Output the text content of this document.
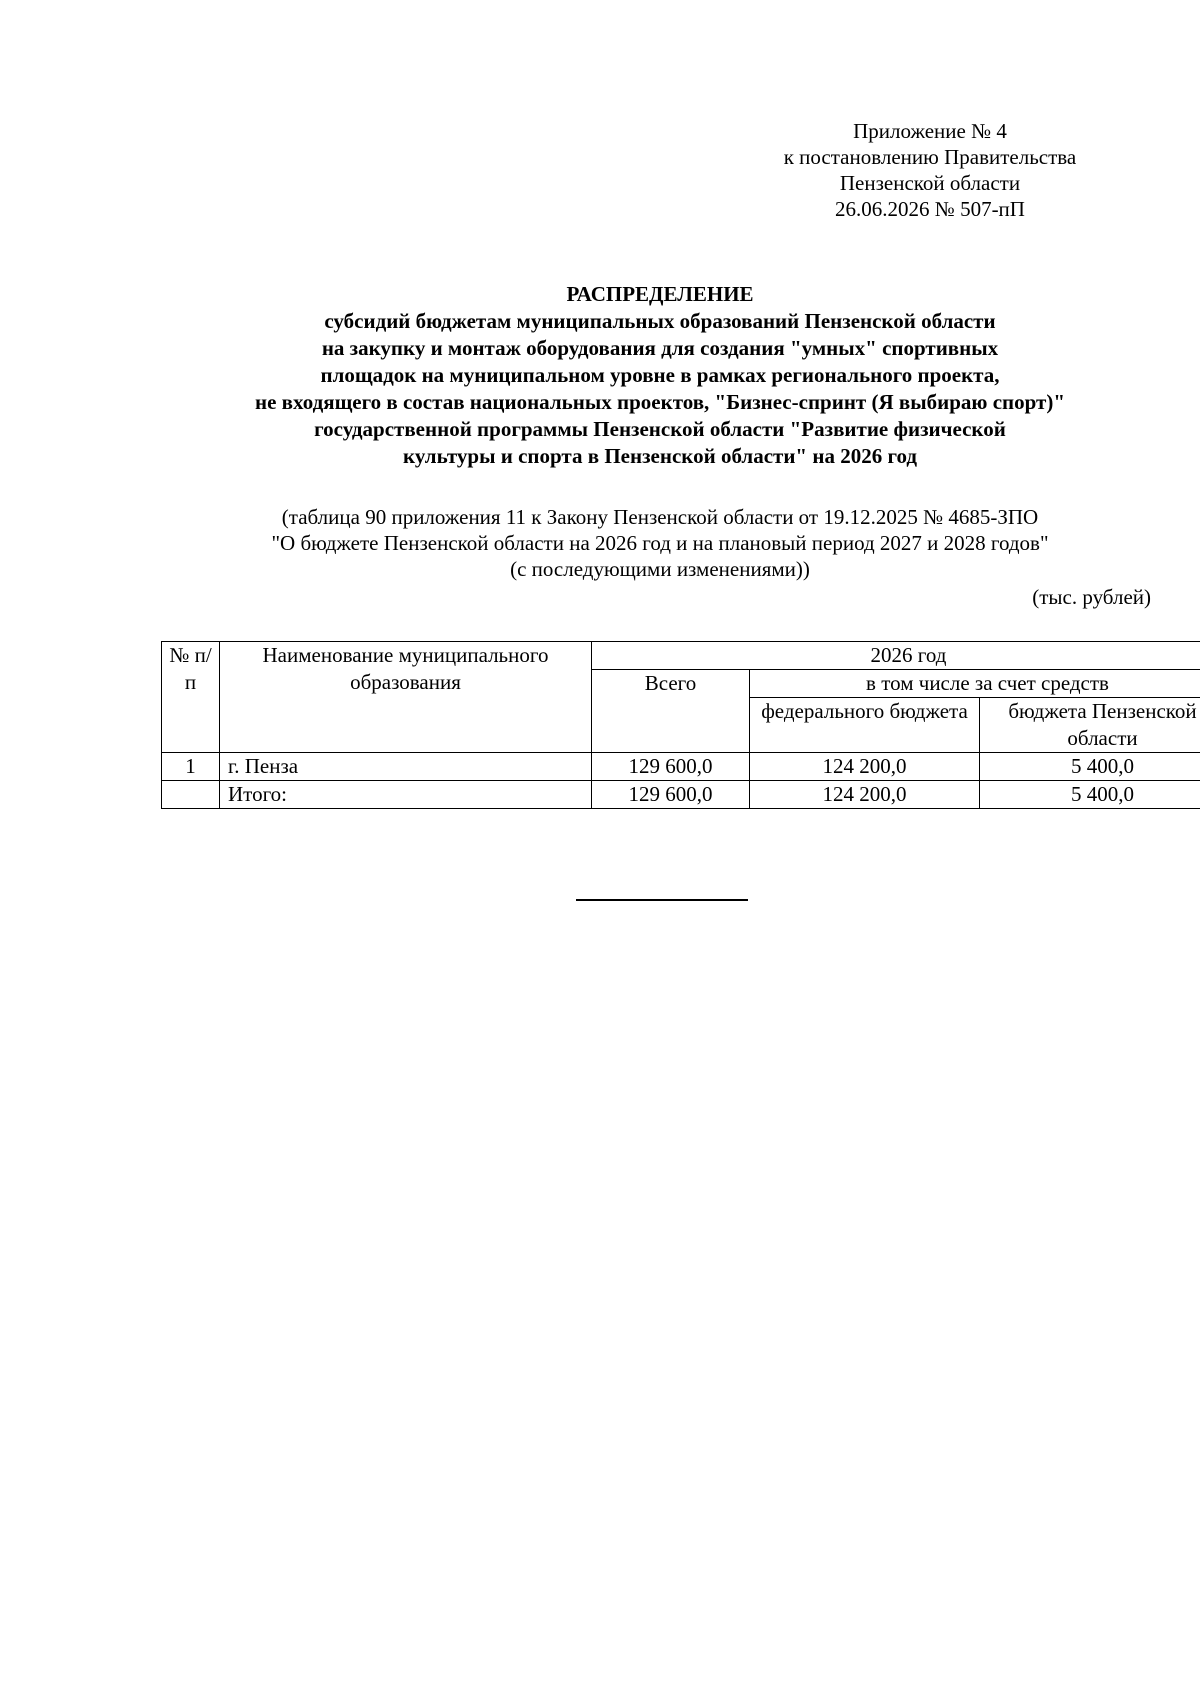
Приложение № 4
к постановлению Правительства
Пензенской области
26.06.2026 № 507-пП
РАСПРЕДЕЛЕНИЕ
субсидий бюджетам муниципальных образований Пензенской области
на закупку и монтаж оборудования для создания "умных" спортивных
площадок на муниципальном уровне в рамках регионального проекта,
не входящего в состав национальных проектов, "Бизнес-спринт (Я выбираю спорт)"
государственной программы Пензенской области "Развитие физической
культуры и спорта в Пензенской области" на 2026 год
(таблица 90 приложения 11 к Закону Пензенской области от 19.12.2025 № 4685-ЗПО
"О бюджете Пензенской области на 2026 год и на плановый период 2027 и 2028 годов"
(с последующими изменениями))
(тыс. рублей)
№ п/п	Наименование муниципального образования	2026 год		
		Всего	в том числе за счет средств	
			федерального бюджета	бюджета Пензенской области
1	г. Пенза	129 600,0	124 200,0	5 400,0
	Итого:	129 600,0	124 200,0	5 400,0
